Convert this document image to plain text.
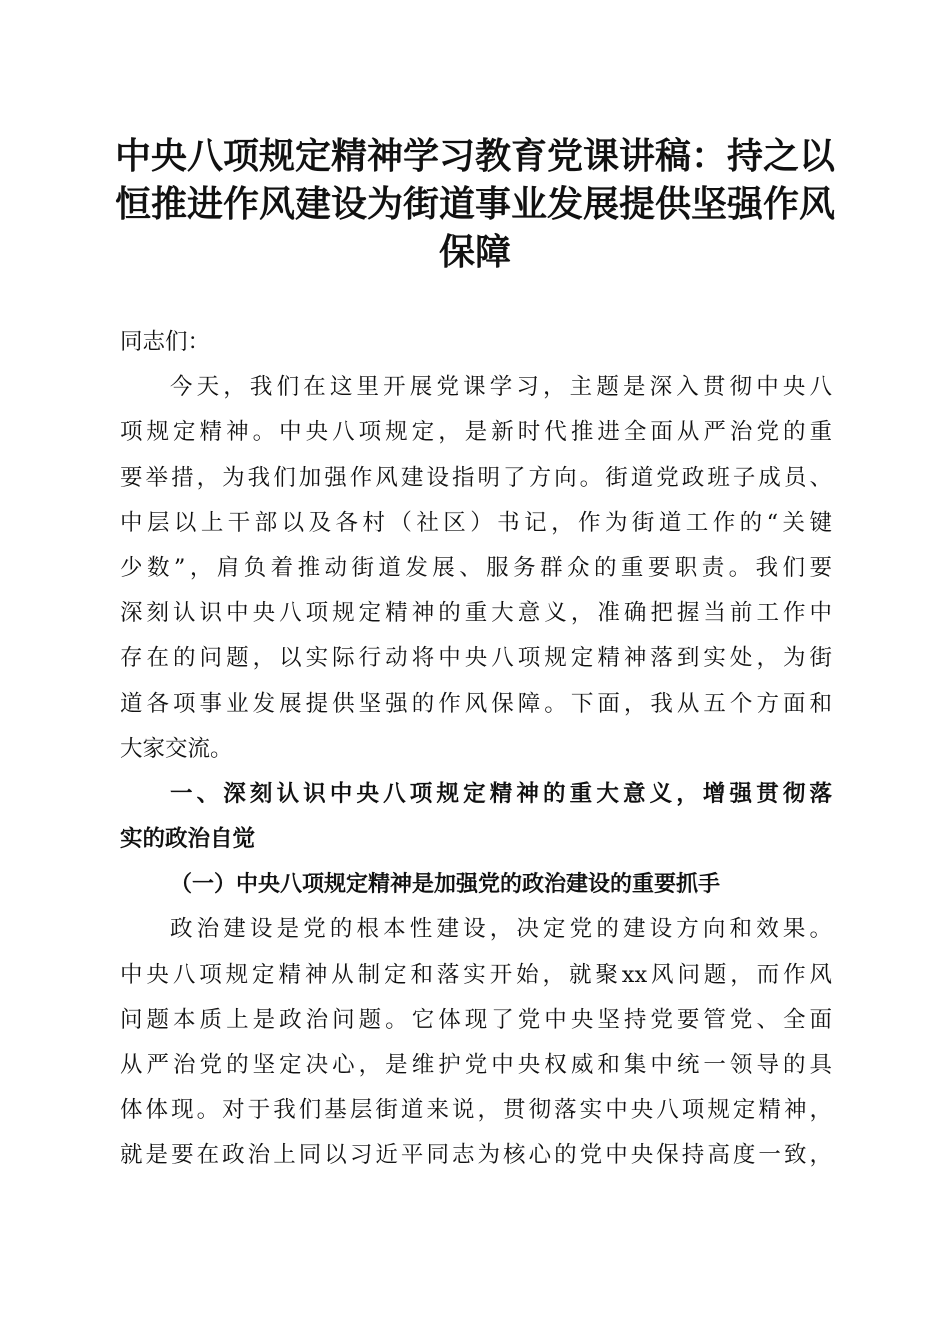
中央八项规定精神学习教育党课讲稿：持之以
恒推进作风建设为街道事业发展提供坚强作风
保障
同志们：
今天，我们在这里开展党课学习，主题是深入贯彻中央八
项规定精神。中央八项规定，是新时代推进全面从严治党的重
要举措，为我们加强作风建设指明了方向。街道党政班子成员、
中层以上干部以及各村（社区）书记，作为街道工作的“关键
少数”，肩负着推动街道发展、服务群众的重要职责。我们要
深刻认识中央八项规定精神的重大意义，准确把握当前工作中
存在的问题，以实际行动将中央八项规定精神落到实处，为街
道各项事业发展提供坚强的作风保障。下面，我从五个方面和
大家交流。
一、深刻认识中央八项规定精神的重大意义，增强贯彻落
实的政治自觉
（一）中央八项规定精神是加强党的政治建设的重要抓手
政治建设是党的根本性建设，决定党的建设方向和效果。
中央八项规定精神从制定和落实开始，就聚xx风问题，而作风
问题本质上是政治问题。它体现了党中央坚持党要管党、全面
从严治党的坚定决心，是维护党中央权威和集中统一领导的具
体体现。对于我们基层街道来说，贯彻落实中央八项规定精神，
就是要在政治上同以习近平同志为核心的党中央保持高度一致，
